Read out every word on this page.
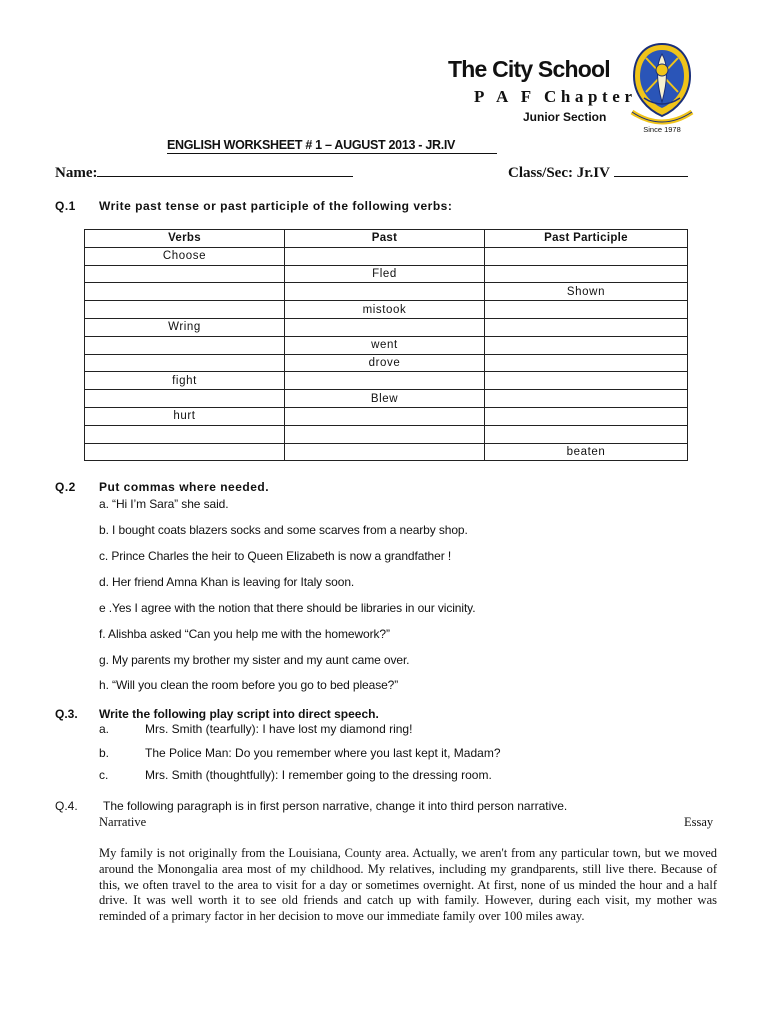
The City School
P A F Chapter
Junior Section
Since 1978
ENGLISH WORKSHEET # 1 – AUGUST 2013 - JR.IV
Name:	Class/Sec: Jr.IV
Q.1 Write past tense or past participle of the following verbs:
Verbs	Past	Past Participle
Choose		
	Fled	
		Shown
	mistook	
Wring		
	went	
	drove	
fight		
	Blew	
hurt		

		beaten
Q.2 Put commas where needed.
a. “Hi I’m Sara” she said.
b. I bought coats blazers socks and some scarves from a nearby shop.
c. Prince Charles the heir to Queen Elizabeth is now a grandfather !
d. Her friend Amna Khan is leaving for Italy soon.
e .Yes I agree with the notion that there should be libraries in our vicinity.
f. Alishba asked “Can you help me with the homework?”
g. My parents my brother my sister and my aunt came over.
h. “Will you clean the room before you go to bed please?”
Q.3. Write the following play script into direct speech.
a.	Mrs. Smith (tearfully): I have lost my diamond ring!
b.	The Police Man: Do you remember where you last kept it, Madam?
c.	Mrs. Smith (thoughtfully): I remember going to the dressing room.
Q.4. The following paragraph is in first person narrative, change it into third person narrative.
Narrative	Essay
My family is not originally from the Louisiana, County area. Actually, we aren't from any particular town, but we moved around the Monongalia area most of my childhood. My relatives, including my grandparents, still live there. Because of this, we often travel to the area to visit for a day or sometimes overnight. At first, none of us minded the hour and a half drive. It was well worth it to see old friends and catch up with family. However, during each visit, my mother was reminded of a primary factor in her decision to move our immediate family over 100 miles away.
